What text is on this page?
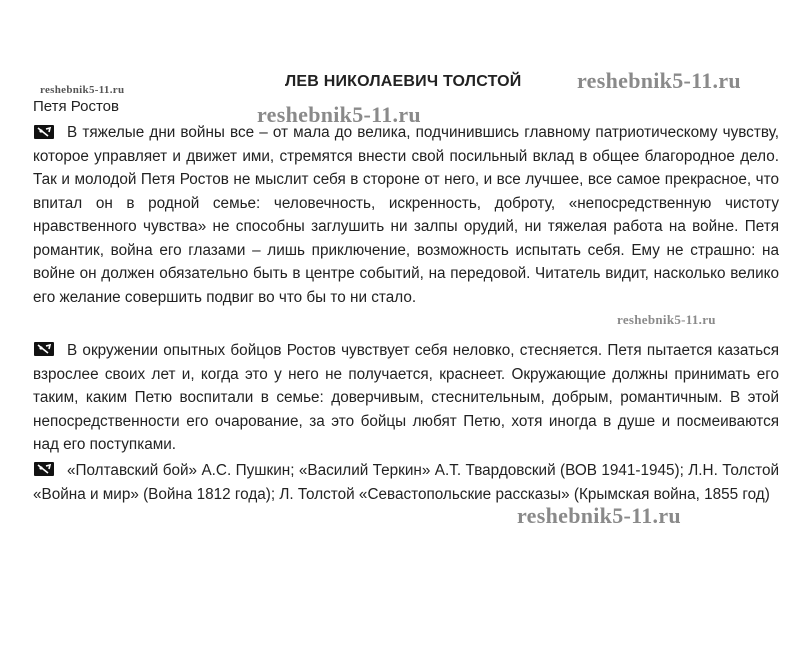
reshebnik5-11.ru	ЛЕВ НИКОЛАЕВИЧ ТОЛСТОЙ	reshebnik5-11.ru
Петя Ростов	reshebnik5-11.ru
В тяжелые дни войны все – от мала до велика, подчинившись главному патриотическому чувству, которое управляет и движет ими, стремятся внести свой посильный вклад в общее благородное дело. Так и молодой Петя Ростов не мыслит себя в стороне от него, и все лучшее, все самое прекрасное, что впитал он в родной семье: человечность, искренность, доброту, «непосредственную чистоту нравственного чувства» не способны заглушить ни залпы орудий, ни тяжелая работа на войне. Петя романтик, война его глазами – лишь приключение, возможность испытать себя. Ему не страшно: на войне он должен обязательно быть в центре событий, на передовой. Читатель видит, насколько велико его желание совершить подвиг во что бы то ни стало.
reshebnik5-11.ru
В окружении опытных бойцов Ростов чувствует себя неловко, стесняется. Петя пытается казаться взрослее своих лет и, когда это у него не получается, краснеет. Окружающие должны принимать его таким, каким Петю воспитали в семье: доверчивым, стеснительным, добрым, романтичным. В этой непосредственности его очарование, за это бойцы любят Петю, хотя иногда в душе и посмеиваются над его поступками.
«Полтавский бой» А.С. Пушкин; «Василий Теркин» А.Т. Твардовский (ВОВ 1941-1945); Л.Н. Толстой «Война и мир» (Война 1812 года); Л. Толстой «Севастопольские рассказы» (Крымская война, 1855 год)
reshebnik5-11.ru
